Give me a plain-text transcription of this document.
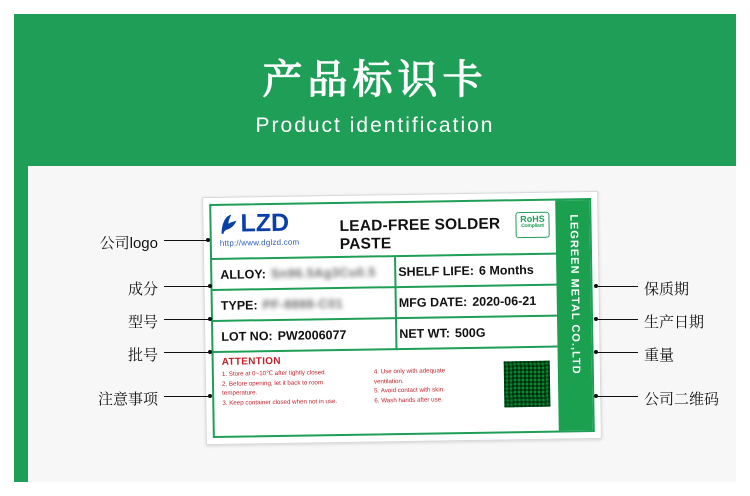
产品标识卡
Product identification
LZD
http://www.dglzd.com
LEAD-FREE SOLDER PASTE
RoHS
Compliant	LEGREEN METAL CO.,LTD
ALLOY: Sn96.5Ag3Cu0.5 SHELF LIFE: 6 Months
TYPE: PF-8888-C01	MFG DATE: 2020-06-21
LOT NO: PW2006077	NET WT: 500G
ATTENTION
1. Store at 0~10℃ after tightly closed.
2. Before opening, let it back to room
temperature.
3. Keep container closed when not in use.
4. Use only with adequate
ventilation.
5. Avoid contact with skin.
6. Wash hands after use.
公司logo
成分
型号
批号
注意事项
保质期
生产日期
重量
公司二维码
